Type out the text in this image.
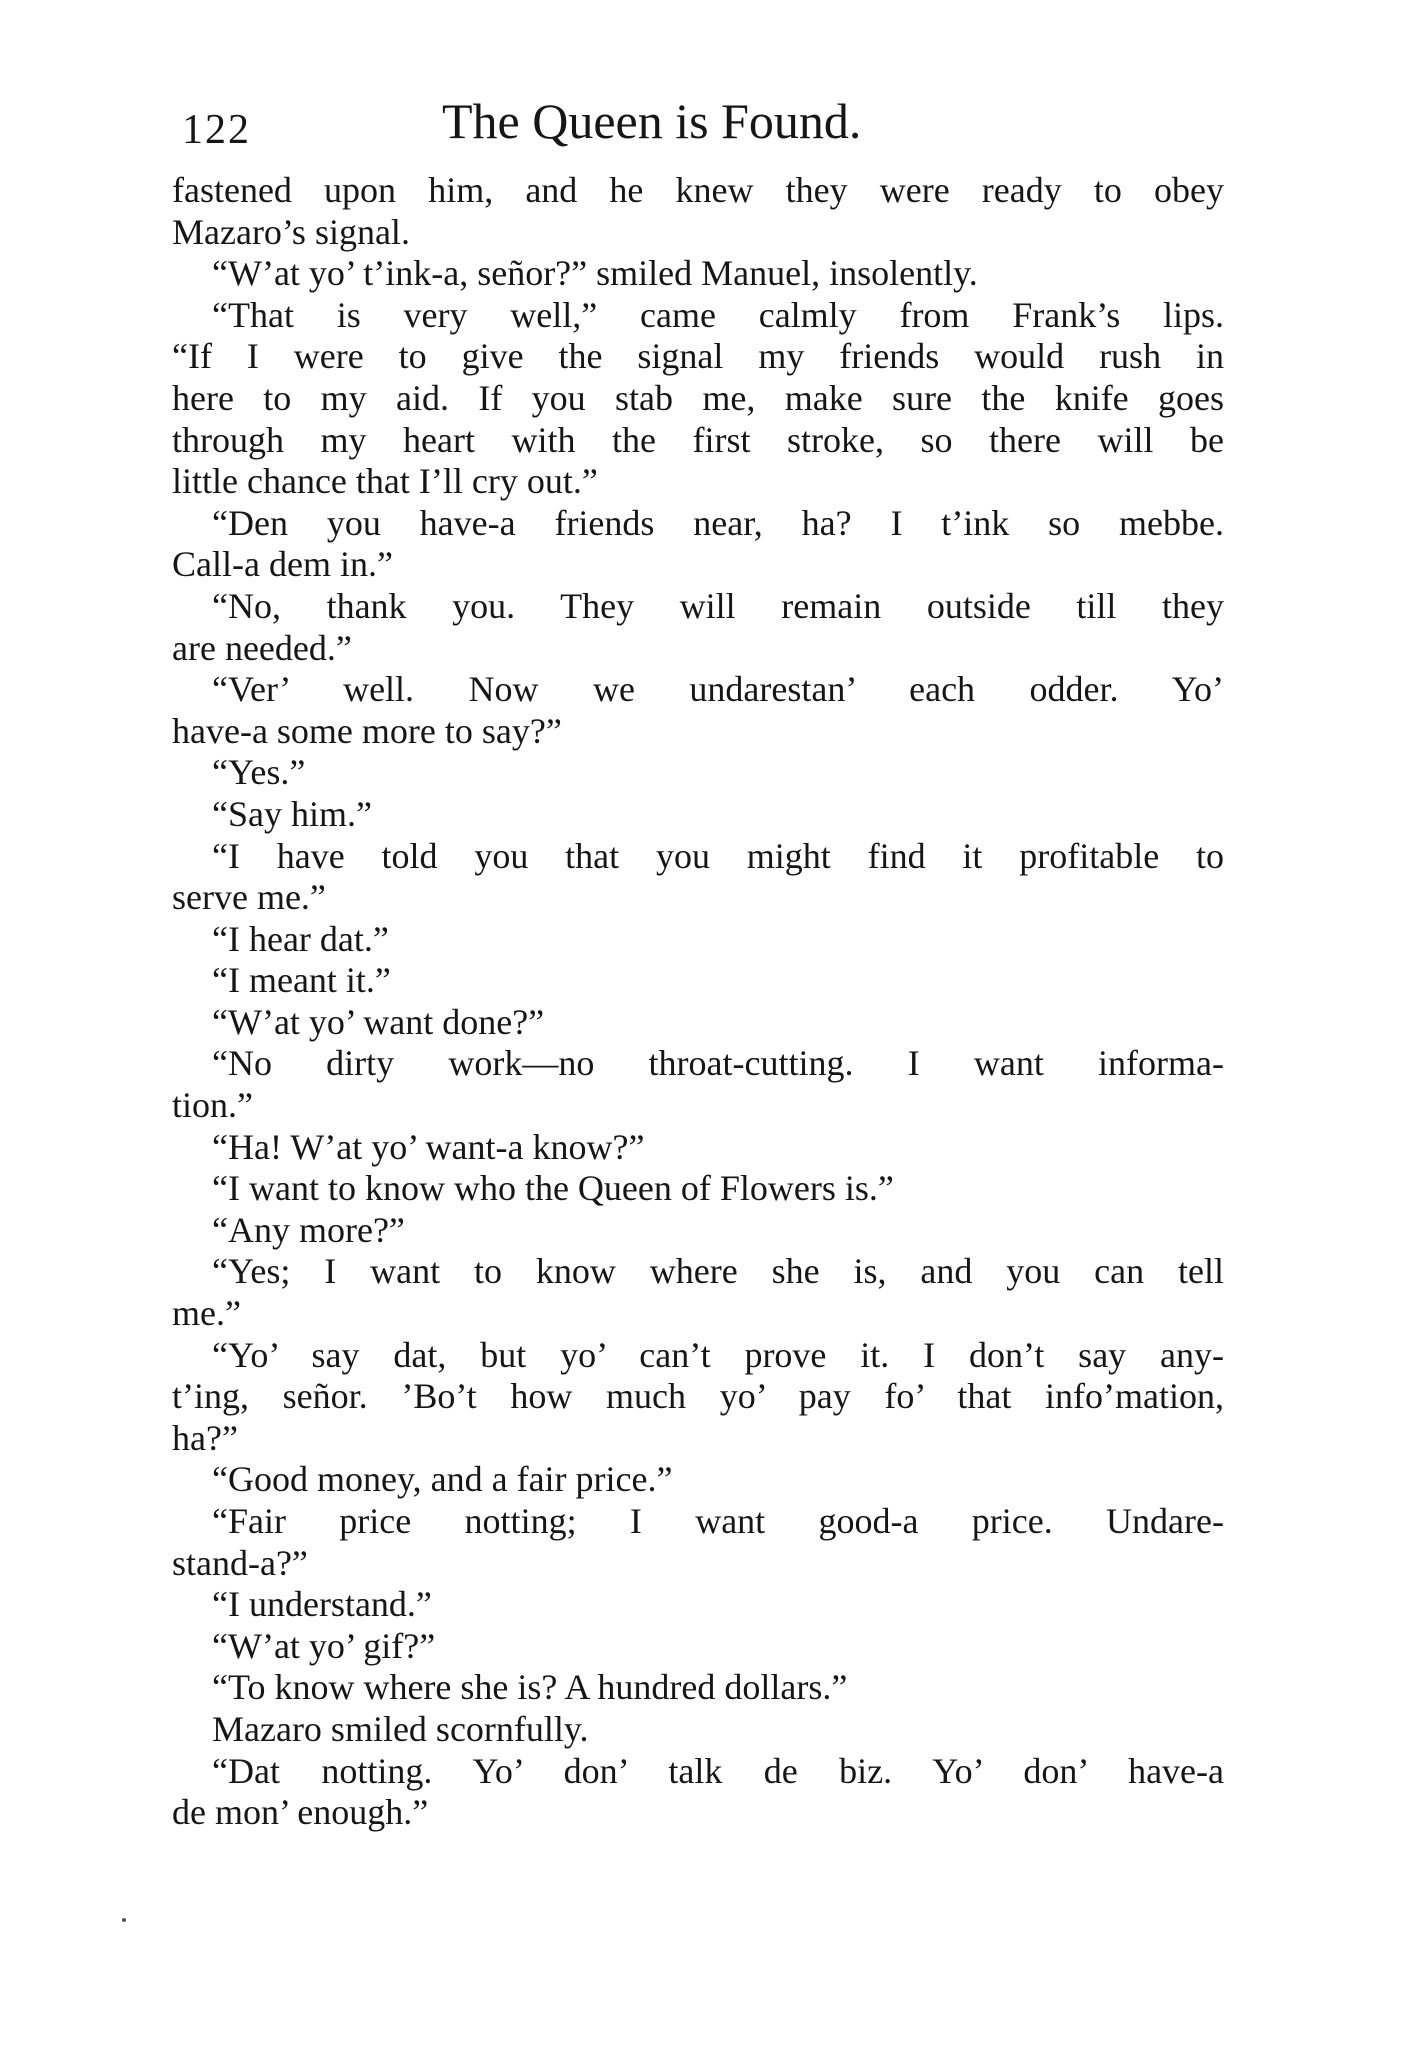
122	The Queen is Found.
fastened upon him, and he knew they were ready to obey
Mazaro’s signal.
“W’at yo’ t’ink-a, señor?” smiled Manuel, insolently.
“That is very well,” came calmly from Frank’s lips.
“If I were to give the signal my friends would rush in
here to my aid. If you stab me, make sure the knife goes
through my heart with the first stroke, so there will be
little chance that I’ll cry out.”
“Den you have-a friends near, ha? I t’ink so mebbe.
Call-a dem in.”
“No, thank you. They will remain outside till they
are needed.”
“Ver’ well. Now we undarestan’ each odder. Yo’
have-a some more to say?”
“Yes.”
“Say him.”
“I have told you that you might find it profitable to
serve me.”
“I hear dat.”
“I meant it.”
“W’at yo’ want done?”
“No dirty work—no throat-cutting. I want informa-
tion.”
“Ha! W’at yo’ want-a know?”
“I want to know who the Queen of Flowers is.”
“Any more?”
“Yes; I want to know where she is, and you can tell
me.”
“Yo’ say dat, but yo’ can’t prove it. I don’t say any-
t’ing, señor. ’Bo’t how much yo’ pay fo’ that info’mation,
ha?”
“Good money, and a fair price.”
“Fair price notting; I want good-a price. Undare-
stand-a?”
“I understand.”
“W’at yo’ gif?”
“To know where she is? A hundred dollars.”
Mazaro smiled scornfully.
“Dat notting. Yo’ don’ talk de biz. Yo’ don’ have-a
de mon’ enough.”
